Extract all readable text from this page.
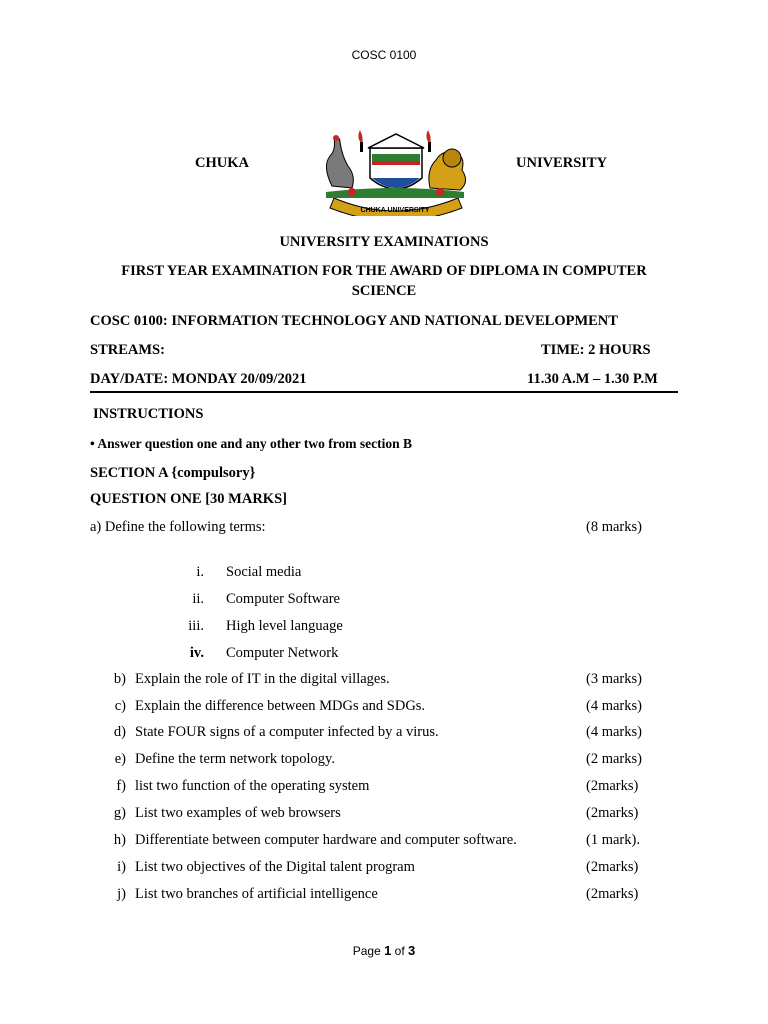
COSC 0100
CHUKA	UNIVERSITY
CHUKA UNIVERSITY
UNIVERSITY EXAMINATIONS
FIRST YEAR EXAMINATION FOR THE AWARD OF DIPLOMA IN COMPUTER
SCIENCE
COSC 0100: INFORMATION TECHNOLOGY AND NATIONAL DEVELOPMENT
STREAMS:	TIME: 2 HOURS
DAY/DATE: MONDAY 20/09/2021	11.30 A.M – 1.30 P.M
INSTRUCTIONS
• Answer question one and any other two from section B
SECTION A {compulsory}
QUESTION ONE [30 MARKS]
a) Define the following terms:	(8 marks)
i. Social media
ii. Computer Software
iii. High level language
iv. Computer Network
b) Explain the role of IT in the digital villages.	(3 marks)
c) Explain the difference between MDGs and SDGs.	(4 marks)
d) State FOUR signs of a computer infected by a virus.	(4 marks)
e) Define the term network topology.	(2 marks)
f) list two function of the operating system	(2marks)
g) List two examples of web browsers	(2marks)
h) Differentiate between computer hardware and computer software.	(1 mark).
i) List two objectives of the Digital talent program	(2marks)
j) List two branches of artificial intelligence	(2marks)
Page 1 of 3
